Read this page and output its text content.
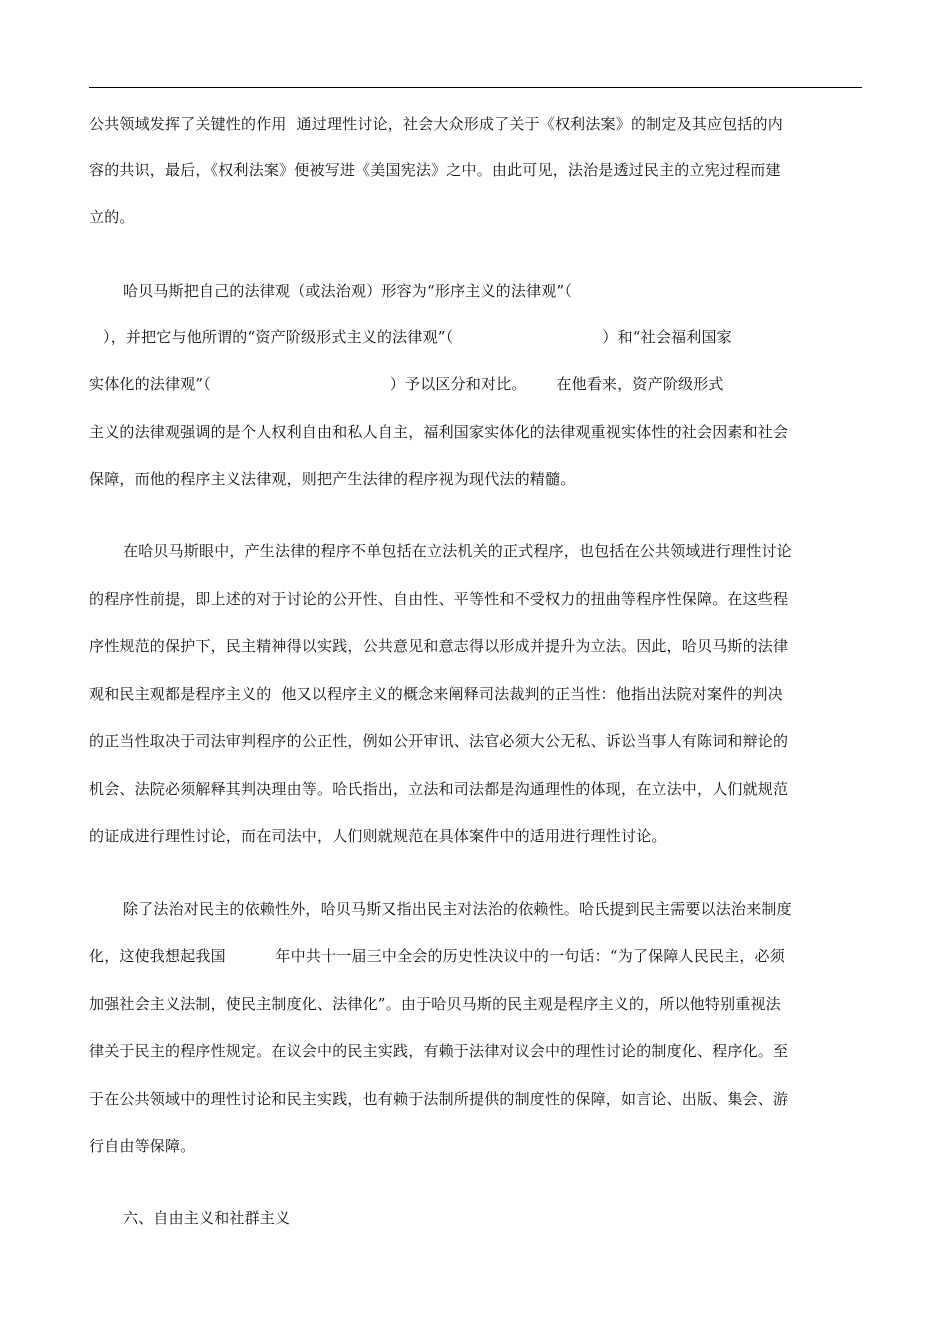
公共领域发挥了关键性的作用  通过理性讨论，社会大众形成了关于《权利法案》的制定及其应包括的内
容的共识，最后，《权利法案》便被写进《美国宪法》之中。由此可见，法治是透过民主的立宪过程而建
立的。
哈贝马斯把自己的法律观（或法治观）形容为“形序主义的法律观”（
），并把它与他所谓的“资产阶级形式主义的法律观”（                              ）和“社会福利国家
实体化的法律观”（                                    ）予以区分和对比。      在他看来，资产阶级形式
主义的法律观强调的是个人权利自由和私人自主，福利国家实体化的法律观重视实体性的社会因素和社会
保障，而他的程序主义法律观，则把产生法律的程序视为现代法的精髓。
在哈贝马斯眼中，产生法律的程序不单包括在立法机关的正式程序，也包括在公共领域进行理性讨论
的程序性前提，即上述的对于讨论的公开性、自由性、平等性和不受权力的扭曲等程序性保障。在这些程
序性规范的保护下，民主精神得以实践，公共意见和意志得以形成并提升为立法。因此，哈贝马斯的法律
观和民主观都是程序主义的  他又以程序主义的概念来阐释司法裁判的正当性：他指出法院对案件的判决
的正当性取决于司法审判程序的公正性，例如公开审讯、法官必须大公无私、诉讼当事人有陈词和辩论的
机会、法院必须解释其判决理由等。哈氏指出，立法和司法都是沟通理性的体现，在立法中，人们就规范
的证成进行理性讨论，而在司法中，人们则就规范在具体案件中的适用进行理性讨论。
除了法治对民主的依赖性外，哈贝马斯又指出民主对法治的依赖性。哈氏提到民主需要以法治来制度
化，这使我想起我国          年中共十一届三中全会的历史性决议中的一句话：“为了保障人民民主，必须
加强社会主义法制，使民主制度化、法律化”。由于哈贝马斯的民主观是程序主义的，所以他特别重视法
律关于民主的程序性规定。在议会中的民主实践，有赖于法律对议会中的理性讨论的制度化、程序化。至
于在公共领域中的理性讨论和民主实践，也有赖于法制所提供的制度性的保障，如言论、出版、集会、游
行自由等保障。
六、自由主义和社群主义
